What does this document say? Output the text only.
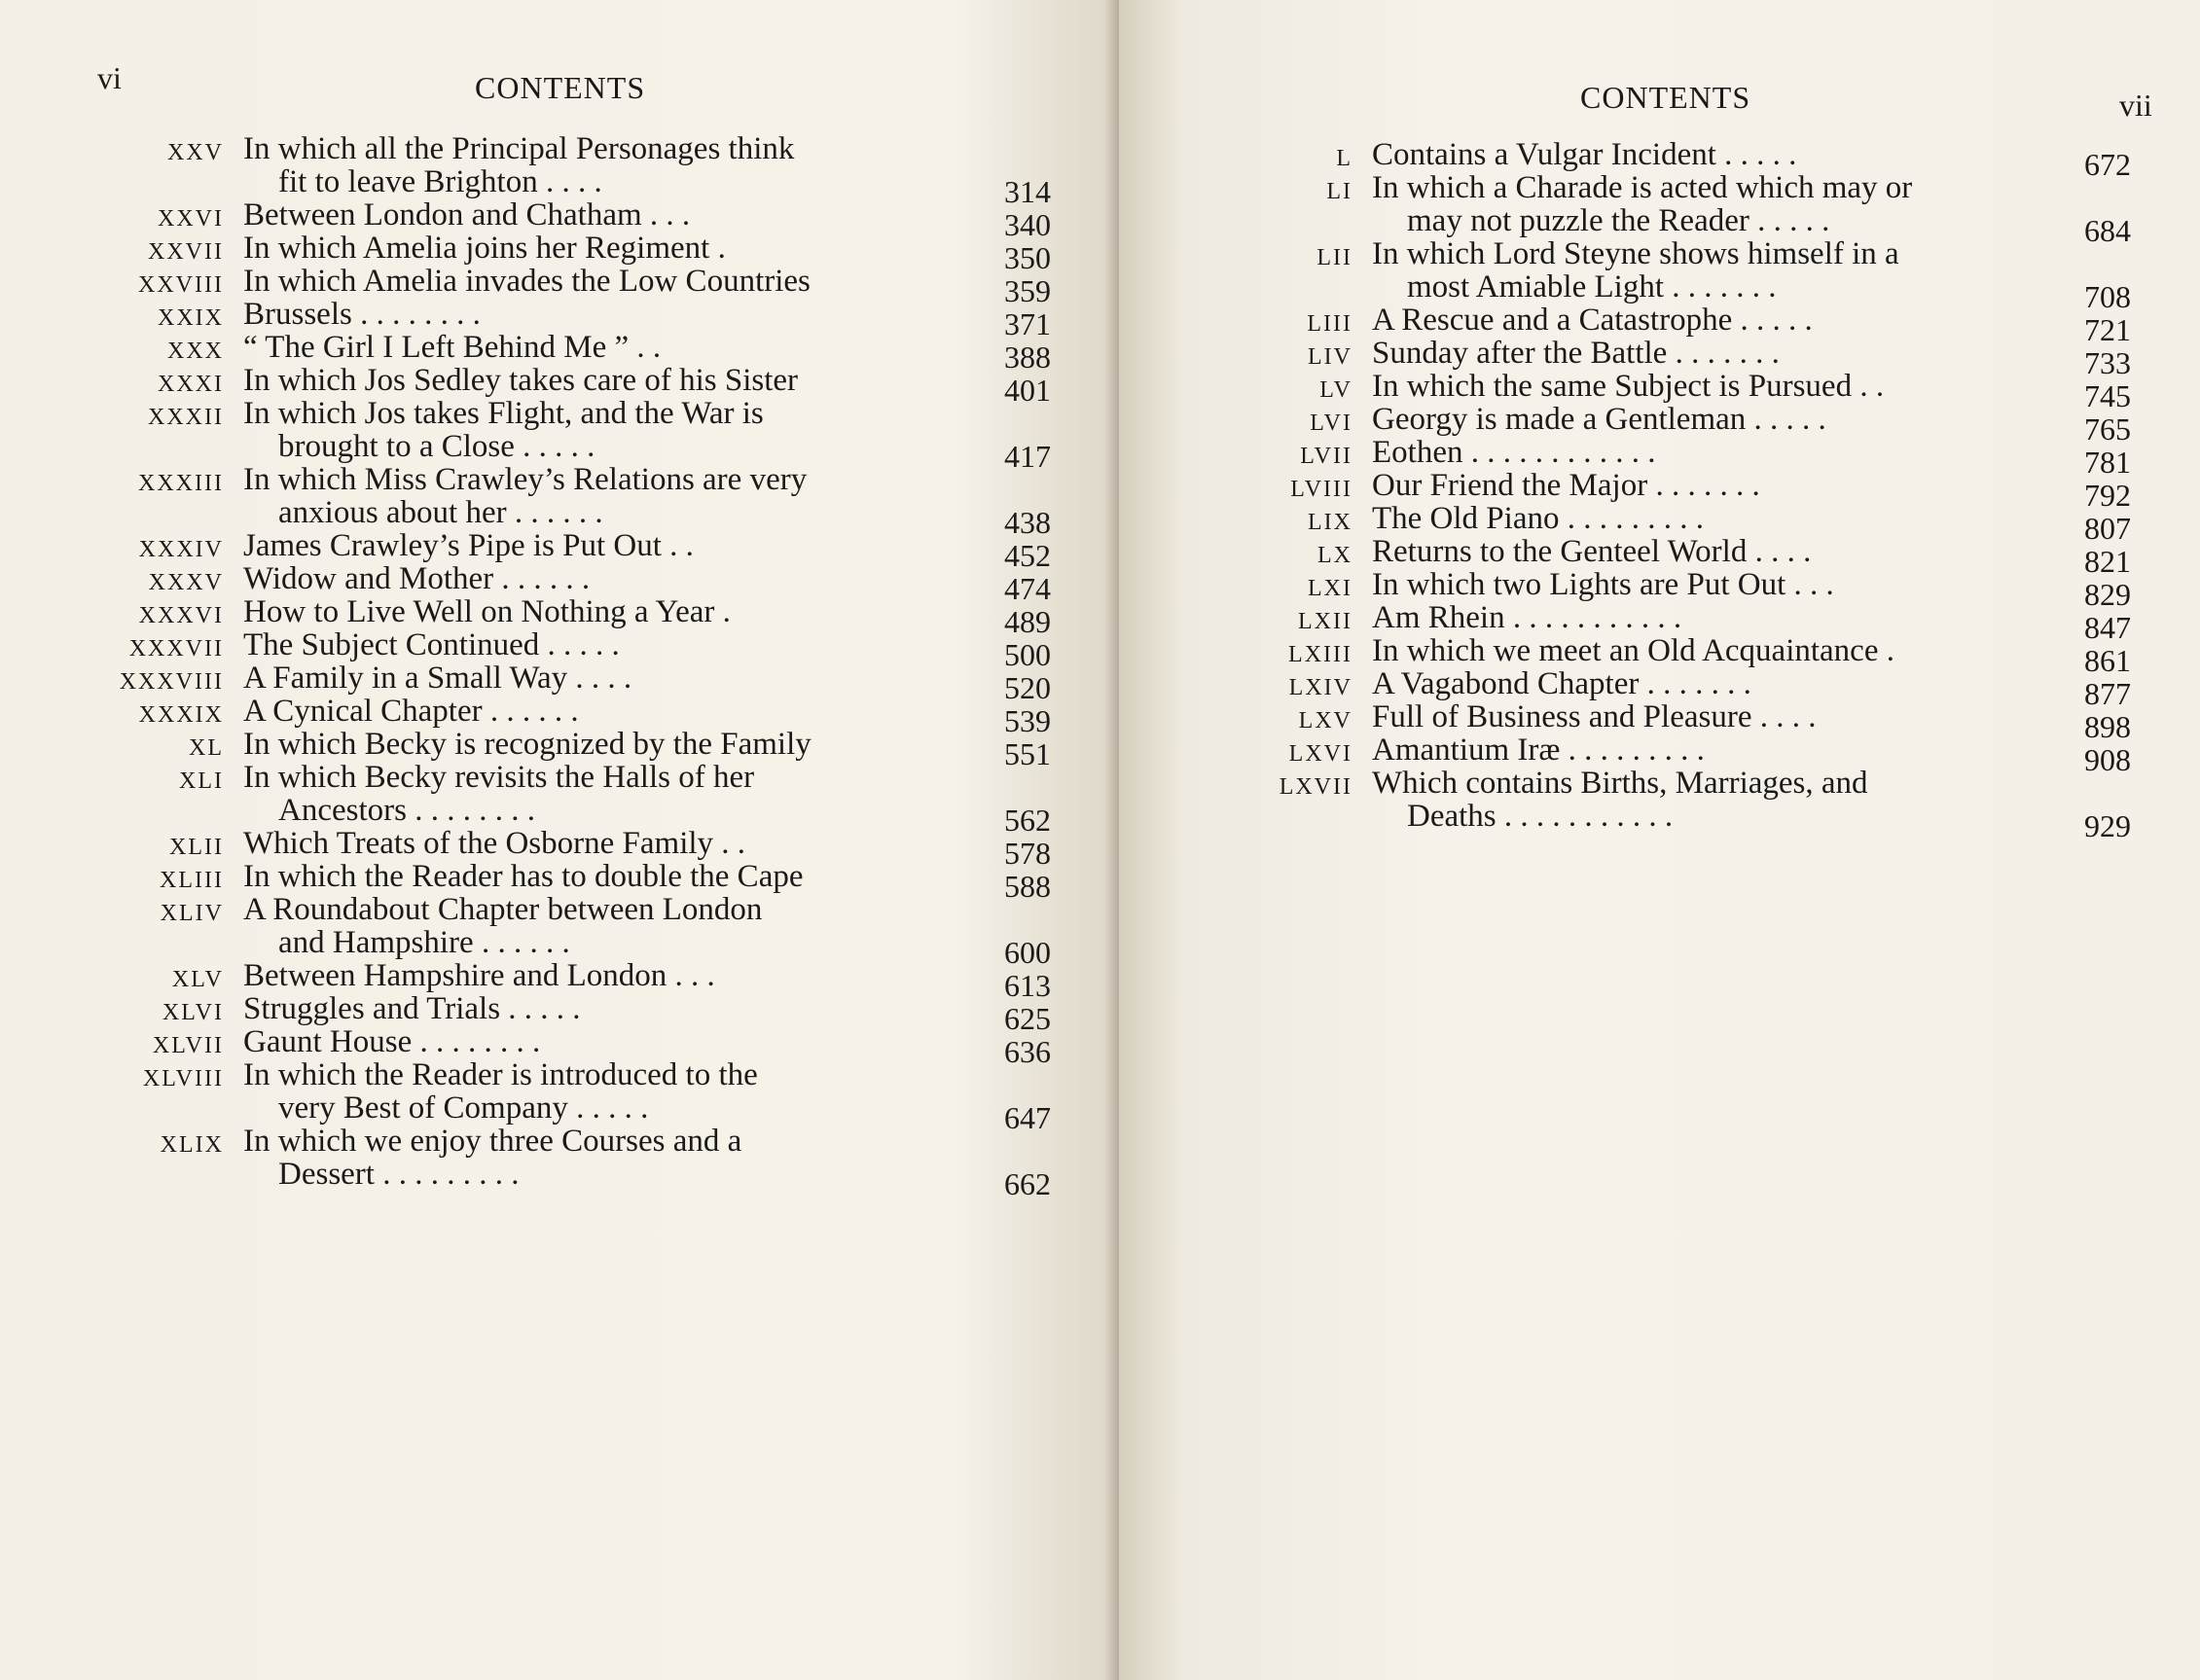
vi	CONTENTS
XXV In which all the Principal Personages think
fit to leave Brighton . . . .	314
XXVI Between London and Chatham . . .	340
XXVII In which Amelia joins her Regiment .	350
XXVIII In which Amelia invades the Low Countries	359
XXIX Brussels . . . . . . . .	371
XXX “ The Girl I Left Behind Me ” . .	388
XXXI In which Jos Sedley takes care of his Sister	401
XXXII In which Jos takes Flight, and the War is
brought to a Close . . . . .	417
XXXIII In which Miss Crawley’s Relations are very
anxious about her . . . . . .	438
XXXIV James Crawley’s Pipe is Put Out . .	452
XXXV Widow and Mother . . . . . .	474
XXXVI How to Live Well on Nothing a Year .	489
XXXVII The Subject Continued . . . . .	500
XXXVIII A Family in a Small Way . . . .	520
XXXIX A Cynical Chapter . . . . . .	539
XL In which Becky is recognized by the Family	551
XLI In which Becky revisits the Halls of her
Ancestors . . . . . . . .	562
XLII Which Treats of the Osborne Family . .	578
XLIII In which the Reader has to double the Cape	588
XLIV A Roundabout Chapter between London
and Hampshire . . . . . .	600
XLV Between Hampshire and London . . .	613
XLVI Struggles and Trials . . . . .	625
XLVII Gaunt House . . . . . . . .	636
XLVIII In which the Reader is introduced to the
very Best of Company . . . . .	647
XLIX In which we enjoy three Courses and a
Dessert . . . . . . . . .	662
CONTENTS	vii
L Contains a Vulgar Incident . . . . .	672
LI In which a Charade is acted which may or
may not puzzle the Reader . . . . .	684
LII In which Lord Steyne shows himself in a
most Amiable Light . . . . . . .	708
LIII A Rescue and a Catastrophe . . . . .	721
LIV Sunday after the Battle . . . . . . .	733
LV In which the same Subject is Pursued . .	745
LVI Georgy is made a Gentleman . . . . .	765
LVII Eothen . . . . . . . . . . . .	781
LVIII Our Friend the Major . . . . . . .	792
LIX The Old Piano . . . . . . . . .	807
LX Returns to the Genteel World . . . .	821
LXI In which two Lights are Put Out . . .	829
LXII Am Rhein . . . . . . . . . . .	847
LXIII In which we meet an Old Acquaintance .	861
LXIV A Vagabond Chapter . . . . . . .	877
LXV Full of Business and Pleasure . . . .	898
LXVI Amantium Iræ . . . . . . . . .	908
LXVII Which contains Births, Marriages, and
Deaths . . . . . . . . . . .	929
